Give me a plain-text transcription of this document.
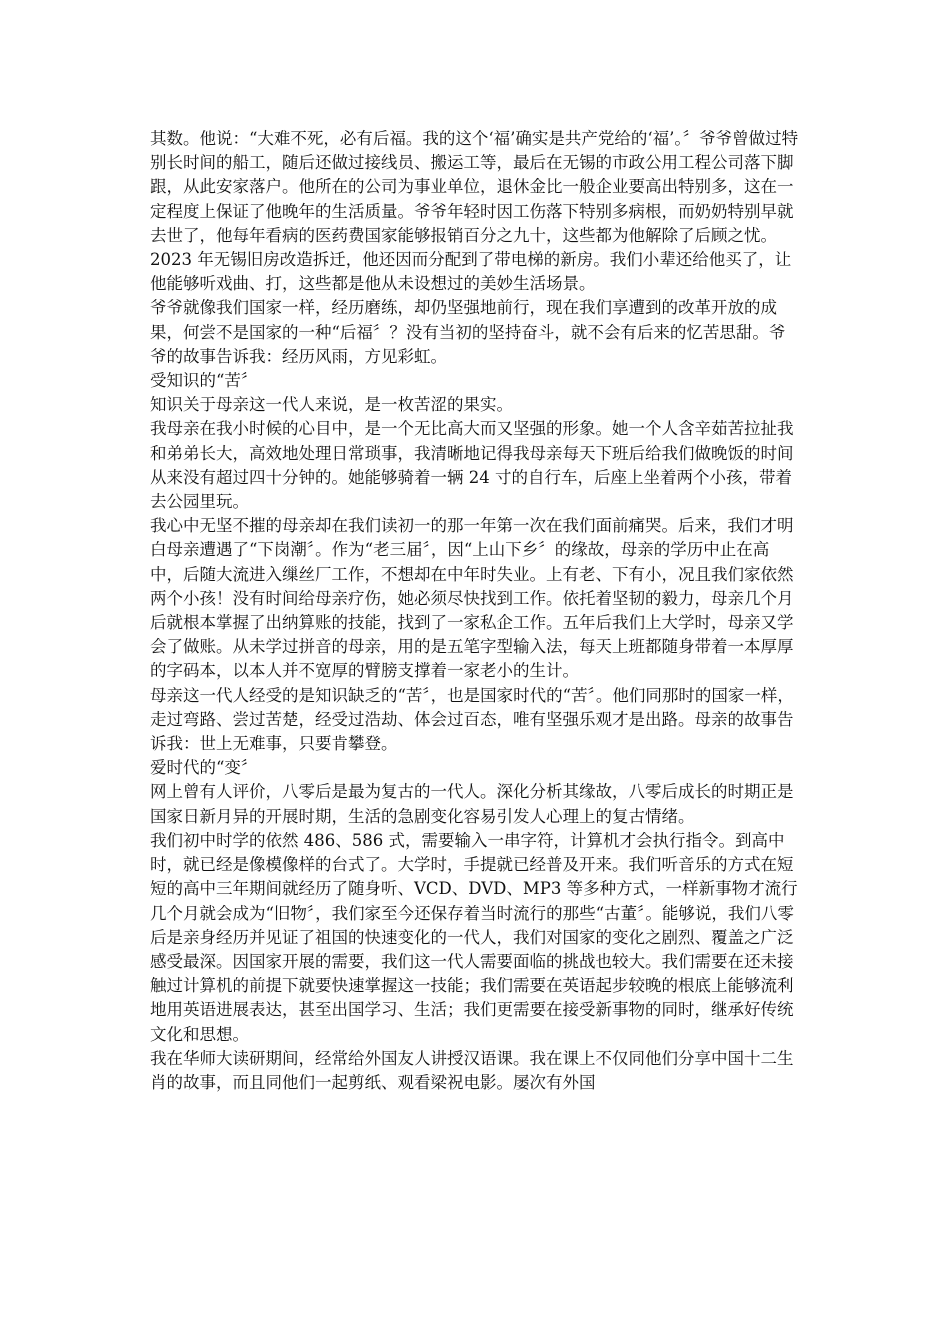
其数。他说：“大难不死，必有后福。我的这个‘福’确实是共产党给的‘福’。〞爷爷曾做过特别长时间的船工，随后还做过接线员、搬运工等，最后在无锡的市政公用工程公司落下脚跟，从此安家落户。他所在的公司为事业单位，退休金比一般企业要高出特别多，这在一定程度上保证了他晚年的生活质量。爷爷年轻时因工伤落下特别多病根，而奶奶特别早就去世了，他每年看病的医药费国家能够报销百分之九十，这些都为他解除了后顾之忧。2023 年无锡旧房改造拆迁，他还因而分配到了带电梯的新房。我们小辈还给他买了，让他能够听戏曲、打，这些都是他从未设想过的美妙生活场景。

爷爷就像我们国家一样，经历磨练，却仍坚强地前行，现在我们享遭到的改革开放的成果，何尝不是国家的一种“后福〞？没有当初的坚持奋斗，就不会有后来的忆苦思甜。爷爷的故事告诉我：经历风雨，方见彩虹。

受知识的“苦〞

知识关于母亲这一代人来说，是一枚苦涩的果实。

我母亲在我小时候的心目中，是一个无比高大而又坚强的形象。她一个人含辛茹苦拉扯我和弟弟长大，高效地处理日常琐事，我清晰地记得我母亲每天下班后给我们做晚饭的时间从来没有超过四十分钟的。她能够骑着一辆 24 寸的自行车，后座上坐着两个小孩，带着去公园里玩。

我心中无坚不摧的母亲却在我们读初一的那一年第一次在我们面前痛哭。后来，我们才明白母亲遭遇了“下岗潮〞。作为“老三届〞，因“上山下乡〞的缘故，母亲的学历中止在高中，后随大流进入缫丝厂工作，不想却在中年时失业。上有老、下有小，况且我们家依然两个小孩！没有时间给母亲疗伤，她必须尽快找到工作。依托着坚韧的毅力，母亲几个月后就根本掌握了出纳算账的技能，找到了一家私企工作。五年后我们上大学时，母亲又学会了做账。从未学过拼音的母亲，用的是五笔字型输入法，每天上班都随身带着一本厚厚的字码本，以本人并不宽厚的臂膀支撑着一家老小的生计。

母亲这一代人经受的是知识缺乏的“苦〞，也是国家时代的“苦〞。他们同那时的国家一样，走过弯路、尝过苦楚，经受过浩劫、体会过百态，唯有坚强乐观才是出路。母亲的故事告诉我：世上无难事，只要肯攀登。

爱时代的“变〞

网上曾有人评价，八零后是最为复古的一代人。深化分析其缘故，八零后成长的时期正是国家日新月异的开展时期，生活的急剧变化容易引发人心理上的复古情绪。

我们初中时学的依然 486、586 式，需要输入一串字符，计算机才会执行指令。到高中时，就已经是像模像样的台式了。大学时，手提就已经普及开来。我们听音乐的方式在短短的高中三年期间就经历了随身听、VCD、DVD、MP3 等多种方式，一样新事物才流行几个月就会成为“旧物〞，我们家至今还保存着当时流行的那些“古董〞。能够说，我们八零后是亲身经历并见证了祖国的快速变化的一代人，我们对国家的变化之剧烈、覆盖之广泛感受最深。因国家开展的需要，我们这一代人需要面临的挑战也较大。我们需要在还未接触过计算机的前提下就要快速掌握这一技能；我们需要在英语起步较晚的根底上能够流利地用英语进展表达，甚至出国学习、生活；我们更需要在接受新事物的同时，继承好传统文化和思想。

我在华师大读研期间，经常给外国友人讲授汉语课。我在课上不仅同他们分享中国十二生肖的故事，而且同他们一起剪纸、观看梁祝电影。屡次有外国
